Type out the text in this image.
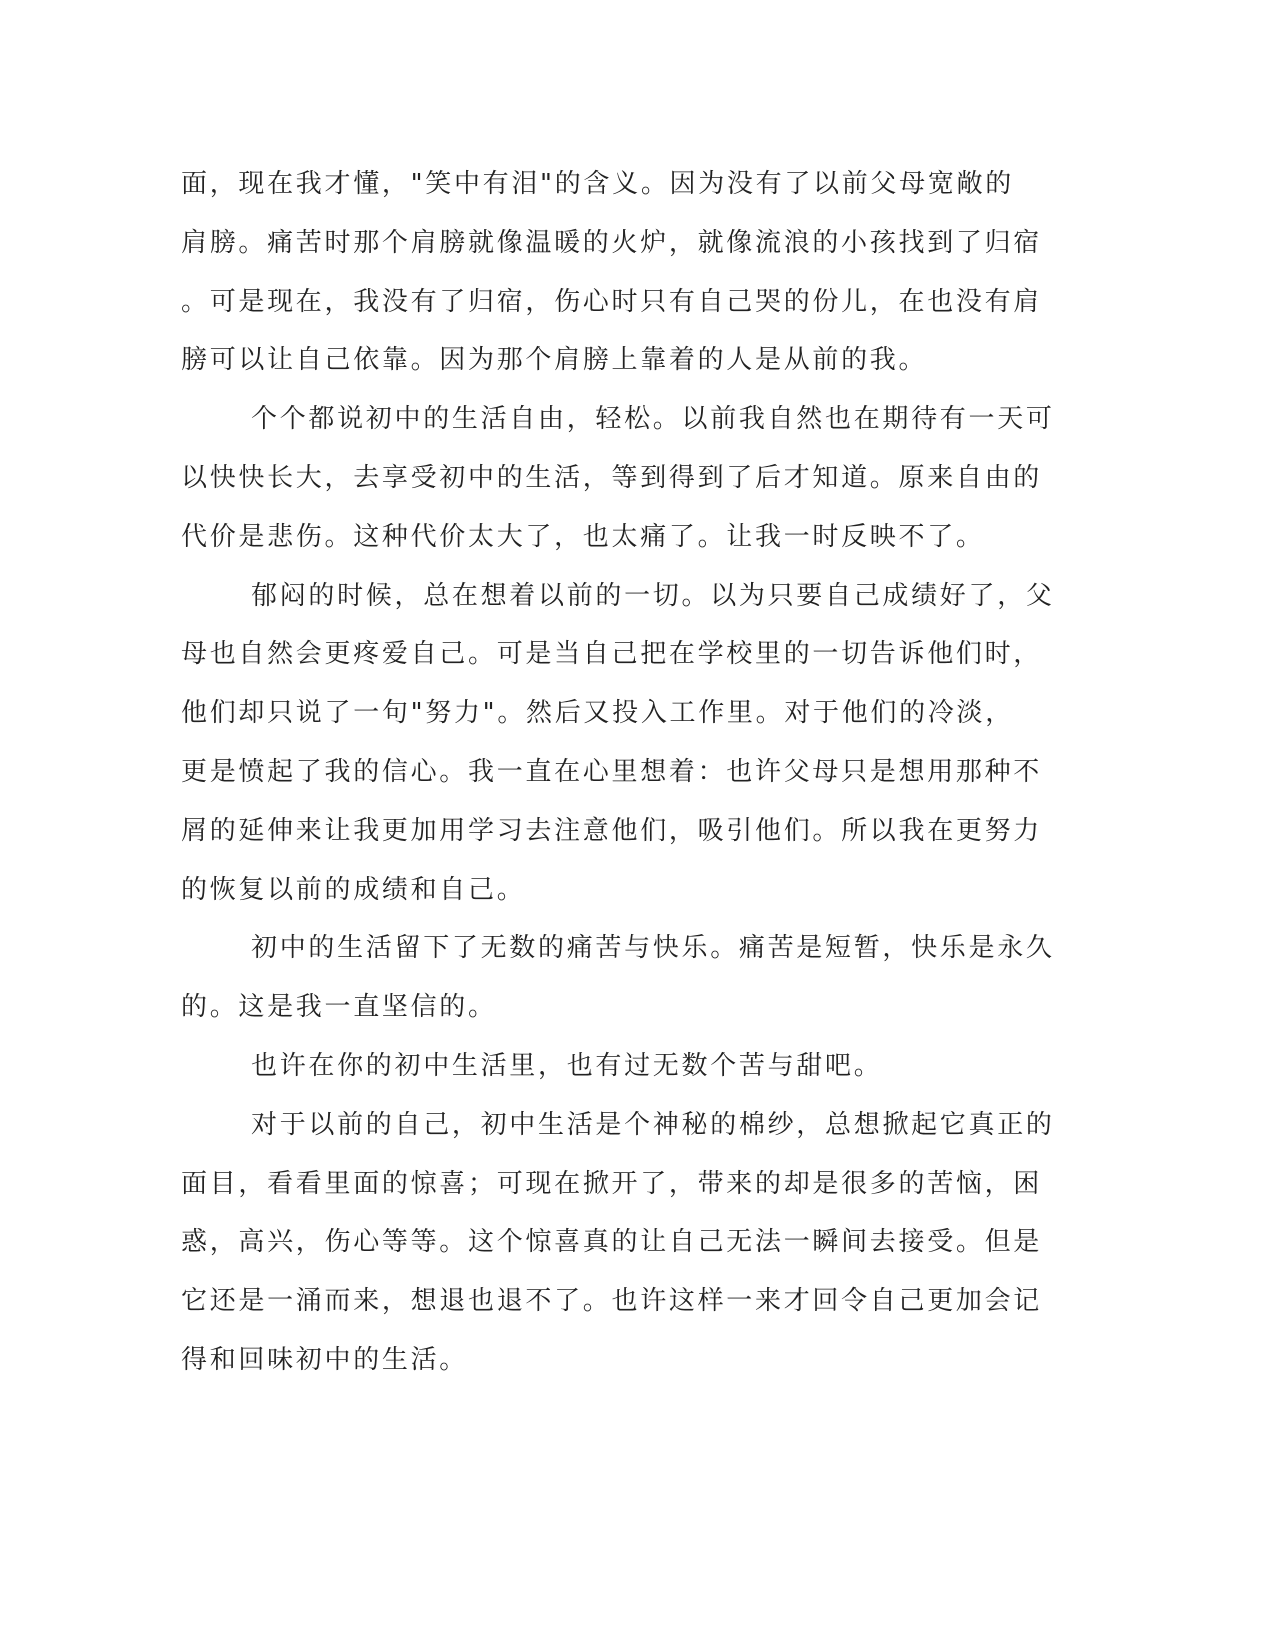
面，现在我才懂，"笑中有泪"的含义。因为没有了以前父母宽敞的
肩膀。痛苦时那个肩膀就像温暖的火炉，就像流浪的小孩找到了归宿
。可是现在，我没有了归宿，伤心时只有自己哭的份儿，在也没有肩
膀可以让自己依靠。因为那个肩膀上靠着的人是从前的我。
个个都说初中的生活自由，轻松。以前我自然也在期待有一天可
以快快长大，去享受初中的生活，等到得到了后才知道。原来自由的
代价是悲伤。这种代价太大了，也太痛了。让我一时反映不了。
郁闷的时候，总在想着以前的一切。以为只要自己成绩好了，父
母也自然会更疼爱自己。可是当自己把在学校里的一切告诉他们时，
他们却只说了一句"努力"。然后又投入工作里。对于他们的冷淡，
更是愤起了我的信心。我一直在心里想着：也许父母只是想用那种不
屑的延伸来让我更加用学习去注意他们，吸引他们。所以我在更努力
的恢复以前的成绩和自己。
初中的生活留下了无数的痛苦与快乐。痛苦是短暂，快乐是永久
的。这是我一直坚信的。
也许在你的初中生活里，也有过无数个苦与甜吧。
对于以前的自己，初中生活是个神秘的棉纱，总想掀起它真正的
面目，看看里面的惊喜；可现在掀开了，带来的却是很多的苦恼，困
惑，高兴，伤心等等。这个惊喜真的让自己无法一瞬间去接受。但是
它还是一涌而来，想退也退不了。也许这样一来才回令自己更加会记
得和回味初中的生活。
